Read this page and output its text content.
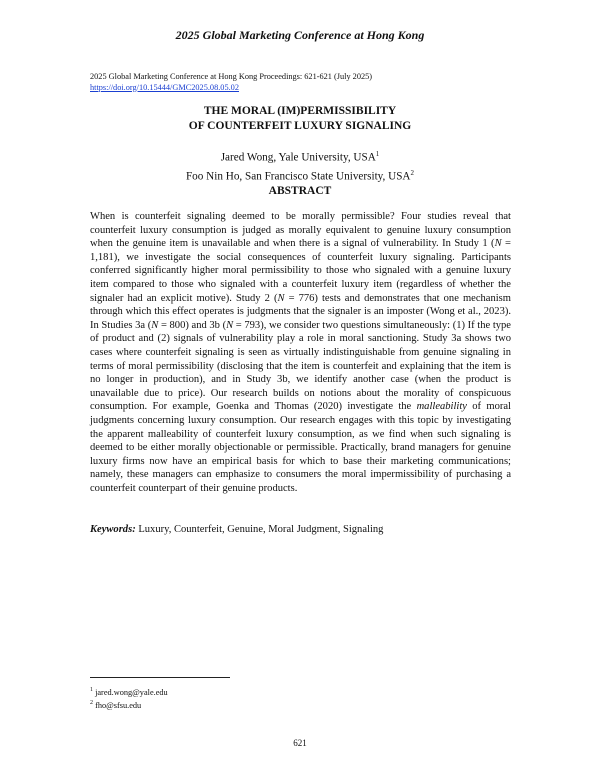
2025 Global Marketing Conference at Hong Kong
2025 Global Marketing Conference at Hong Kong Proceedings: 621-621 (July 2025)
https://doi.org/10.15444/GMC2025.08.05.02
THE MORAL (IM)PERMISSIBILITY
OF COUNTERFEIT LUXURY SIGNALING
Jared Wong, Yale University, USA$^1$
Foo Nin Ho, San Francisco State University, USA$^2$
ABSTRACT
When is counterfeit signaling deemed to be morally permissible? Four studies reveal that counterfeit luxury consumption is judged as morally equivalent to genuine luxury consumption when the genuine item is unavailable and when there is a signal of vulnerability. In Study 1 (N = 1,181), we investigate the social consequences of counterfeit luxury signaling. Participants conferred significantly higher moral permissibility to those who signaled with a genuine luxury item compared to those who signaled with a counterfeit luxury item (regardless of whether the signaler had an explicit motive). Study 2 (N = 776) tests and demonstrates that one mechanism through which this effect operates is judgments that the signaler is an imposter (Wong et al., 2023). In Studies 3a (N = 800) and 3b (N = 793), we consider two questions simultaneously: (1) If the type of product and (2) signals of vulnerability play a role in moral sanctioning. Study 3a shows two cases where counterfeit signaling is seen as virtually indistinguishable from genuine signaling in terms of moral permissibility (disclosing that the item is counterfeit and explaining that the item is no longer in production), and in Study 3b, we identify another case (when the product is unavailable due to price). Our research builds on notions about the morality of conspicuous consumption. For example, Goenka and Thomas (2020) investigate the malleability of moral judgments concerning luxury consumption. Our research engages with this topic by investigating the apparent malleability of counterfeit luxury consumption, as we find when such signaling is deemed to be either morally objectionable or permissible. Practically, brand managers for genuine luxury firms now have an empirical basis for which to base their marketing communications; namely, these managers can emphasize to consumers the moral impermissibility of purchasing a counterfeit counterpart of their genuine products.
Keywords: Luxury, Counterfeit, Genuine, Moral Judgment, Signaling
$^1$ jared.wong@yale.edu
$^2$ fho@sfsu.edu
621
